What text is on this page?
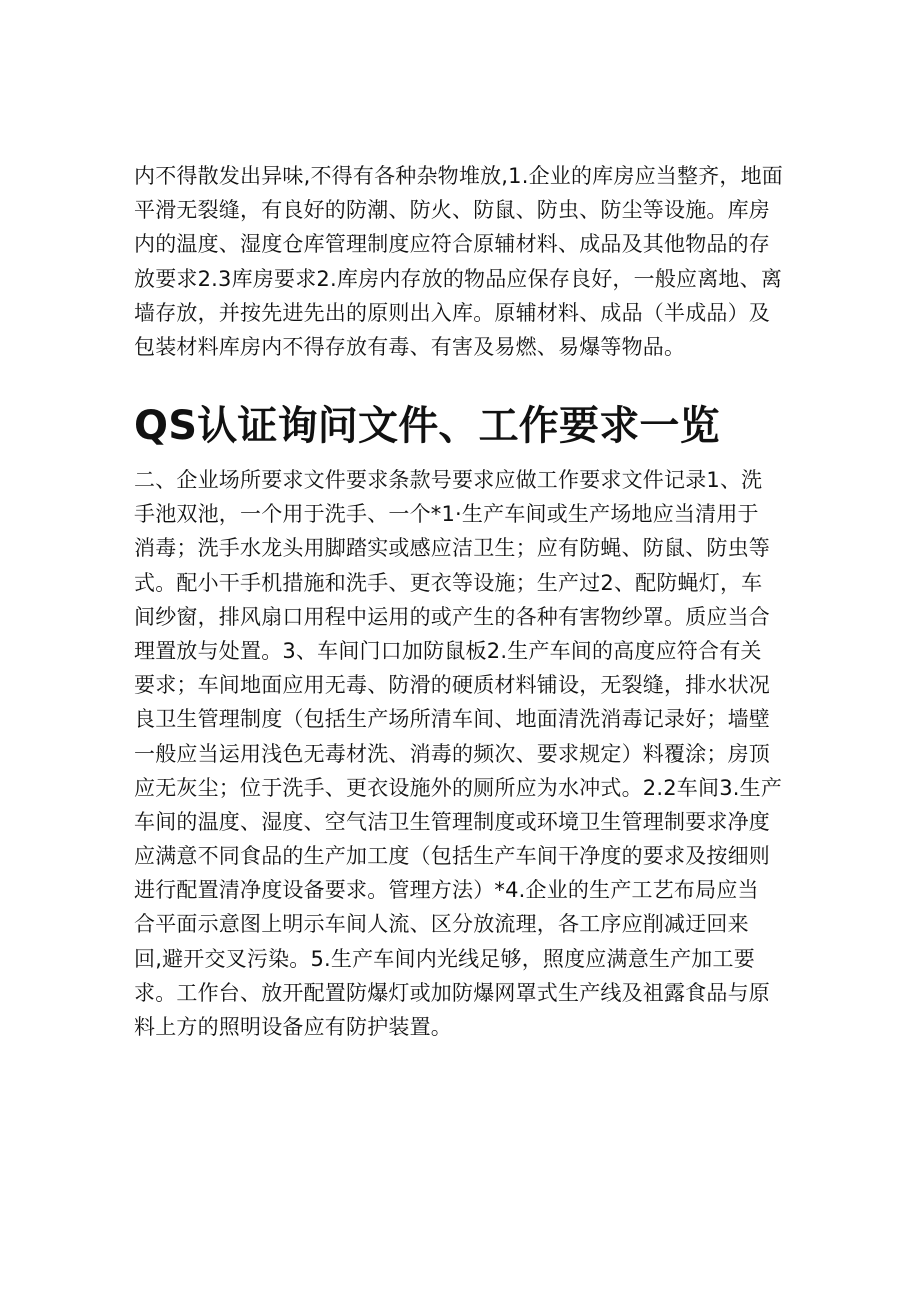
内不得散发出异味,不得有各种杂物堆放,1.企业的库房应当整齐，地面
平滑无裂缝，有良好的防潮、防火、防鼠、防虫、防尘等设施。库房
内的温度、湿度仓库管理制度应符合原辅材料、成品及其他物品的存
放要求2.3库房要求2.库房内存放的物品应保存良好，一般应离地、离
墙存放，并按先进先出的原则出入库。原辅材料、成品（半成品）及
包装材料库房内不得存放有毒、有害及易燃、易爆等物品。
QS认证询问文件、工作要求一览
二、企业场所要求文件要求条款号要求应做工作要求文件记录1、洗
手池双池，一个用于洗手、一个*1·生产车间或生产场地应当清用于
消毒；洗手水龙头用脚踏实或感应洁卫生；应有防蝇、防鼠、防虫等
式。配小干手机措施和洗手、更衣等设施；生产过2、配防蝇灯，车
间纱窗，排风扇口用程中运用的或产生的各种有害物纱罩。质应当合
理置放与处置。3、车间门口加防鼠板2.生产车间的高度应符合有关
要求；车间地面应用无毒、防滑的硬质材料铺设，无裂缝，排水状况
良卫生管理制度（包括生产场所清车间、地面清洗消毒记录好；墙壁
一般应当运用浅色无毒材洗、消毒的频次、要求规定）料覆涂；房顶
应无灰尘；位于洗手、更衣设施外的厕所应为水冲式。2.2车间3.生产
车间的温度、湿度、空气洁卫生管理制度或环境卫生管理制要求净度
应满意不同食品的生产加工度（包括生产车间干净度的要求及按细则
进行配置清净度设备要求。管理方法）*4.企业的生产工艺布局应当
合平面示意图上明示车间人流、区分放流理，各工序应削减迂回来
回,避开交叉污染。5.生产车间内光线足够，照度应满意生产加工要
求。工作台、放开配置防爆灯或加防爆网罩式生产线及祖露食品与原
料上方的照明设备应有防护装置。
